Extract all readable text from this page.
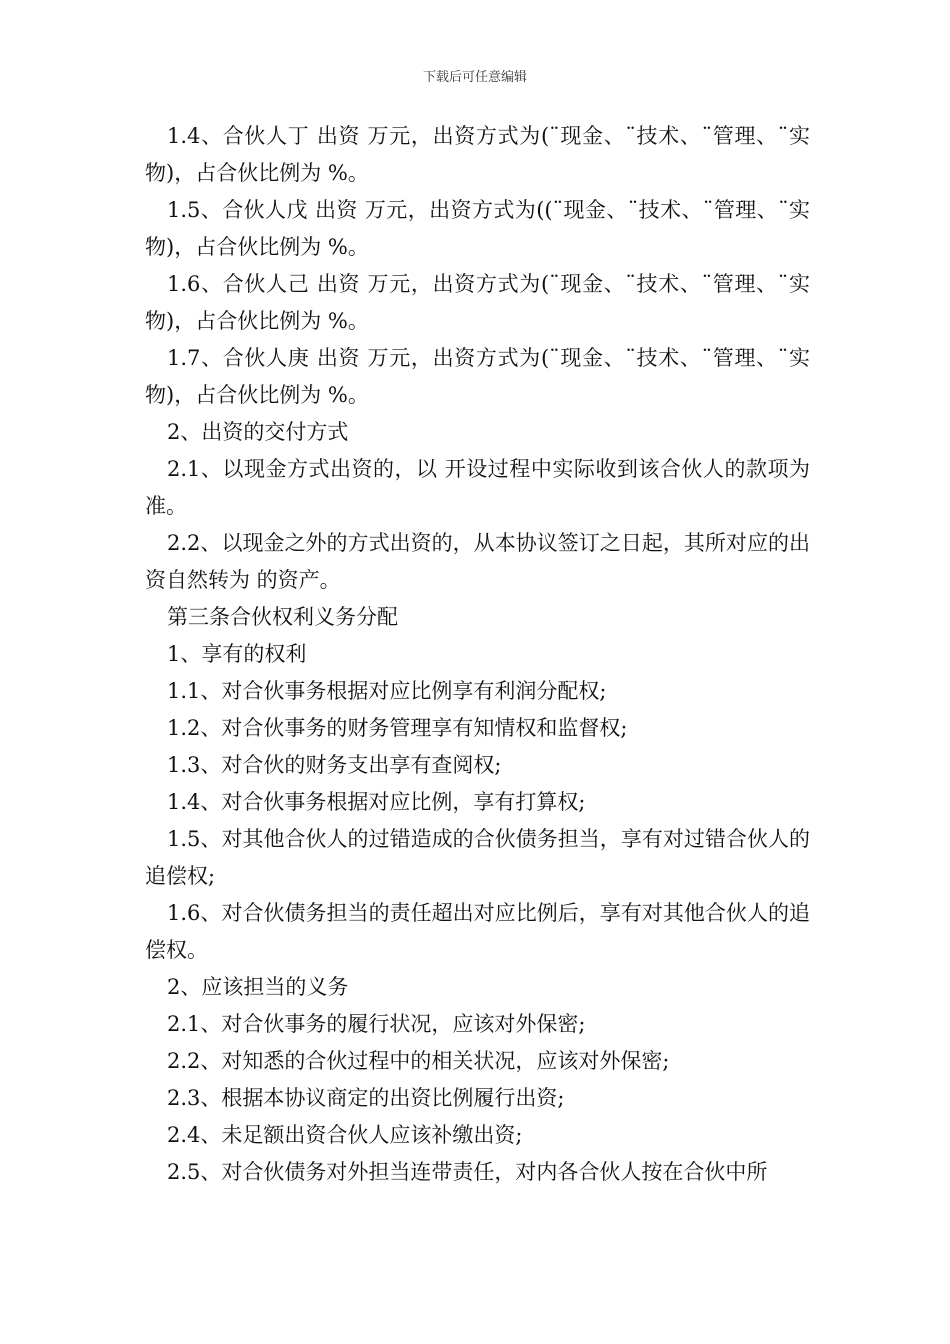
下载后可任意编辑

1.4、合伙人丁 出资 万元，出资方式为(¨现金、¨技术、¨管理、¨实物)，占合伙比例为 %。

1.5、合伙人戊 出资 万元，出资方式为((¨现金、¨技术、¨管理、¨实物)，占合伙比例为 %。

1.6、合伙人己 出资 万元，出资方式为(¨现金、¨技术、¨管理、¨实物)，占合伙比例为 %。

1.7、合伙人庚 出资 万元，出资方式为(¨现金、¨技术、¨管理、¨实物)，占合伙比例为 %。

2、出资的交付方式

2.1、以现金方式出资的，以 开设过程中实际收到该合伙人的款项为准。

2.2、以现金之外的方式出资的，从本协议签订之日起，其所对应的出资自然转为 的资产。

第三条合伙权利义务分配

1、享有的权利

1.1、对合伙事务根据对应比例享有利润分配权;

1.2、对合伙事务的财务管理享有知情权和监督权;

1.3、对合伙的财务支出享有查阅权;

1.4、对合伙事务根据对应比例，享有打算权;

1.5、对其他合伙人的过错造成的合伙债务担当，享有对过错合伙人的追偿权;

1.6、对合伙债务担当的责任超出对应比例后，享有对其他合伙人的追偿权。

2、应该担当的义务

2.1、对合伙事务的履行状况，应该对外保密;

2.2、对知悉的合伙过程中的相关状况，应该对外保密;

2.3、根据本协议商定的出资比例履行出资;

2.4、未足额出资合伙人应该补缴出资;

2.5、对合伙债务对外担当连带责任，对内各合伙人按在合伙中所
